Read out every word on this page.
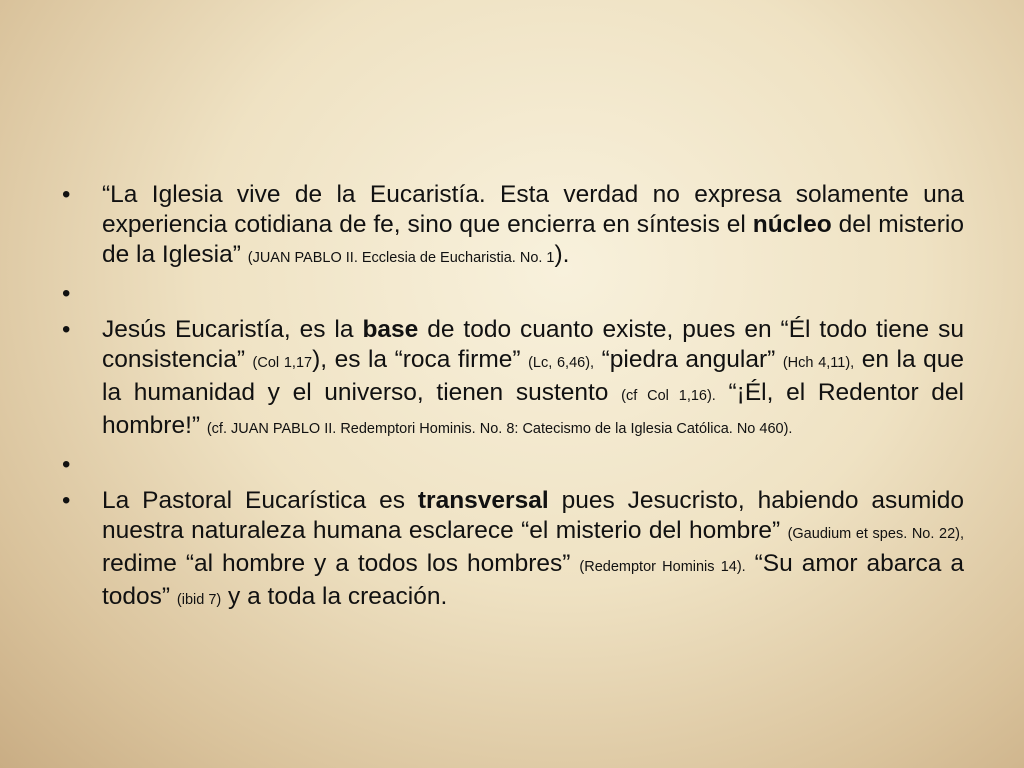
• “La Iglesia vive de la Eucaristía. Esta verdad no expresa solamente una experiencia cotidiana de fe, sino que encierra en síntesis el núcleo del misterio de la Iglesia” (JUAN PABLO II. Ecclesia de Eucharistia. No. 1).
•
• Jesús Eucaristía, es la base de todo cuanto existe, pues en “Él todo tiene su consistencia” (Col 1,17), es la “roca firme” (Lc, 6,46), “piedra angular” (Hch 4,11), en la que la humanidad y el universo, tienen sustento (cf Col 1,16). “¡Él, el Redentor del hombre!” (cf. JUAN PABLO II. Redemptori Hominis. No. 8: Catecismo de la Iglesia Católica. No 460).
•
• La Pastoral Eucarística es transversal pues Jesucristo, habiendo asumido nuestra naturaleza humana esclarece “el misterio del hombre” (Gaudium et spes. No. 22), redime “al hombre y a todos los hombres” (Redemptor Hominis 14). “Su amor abarca a todos” (ibid 7) y a toda la creación.
